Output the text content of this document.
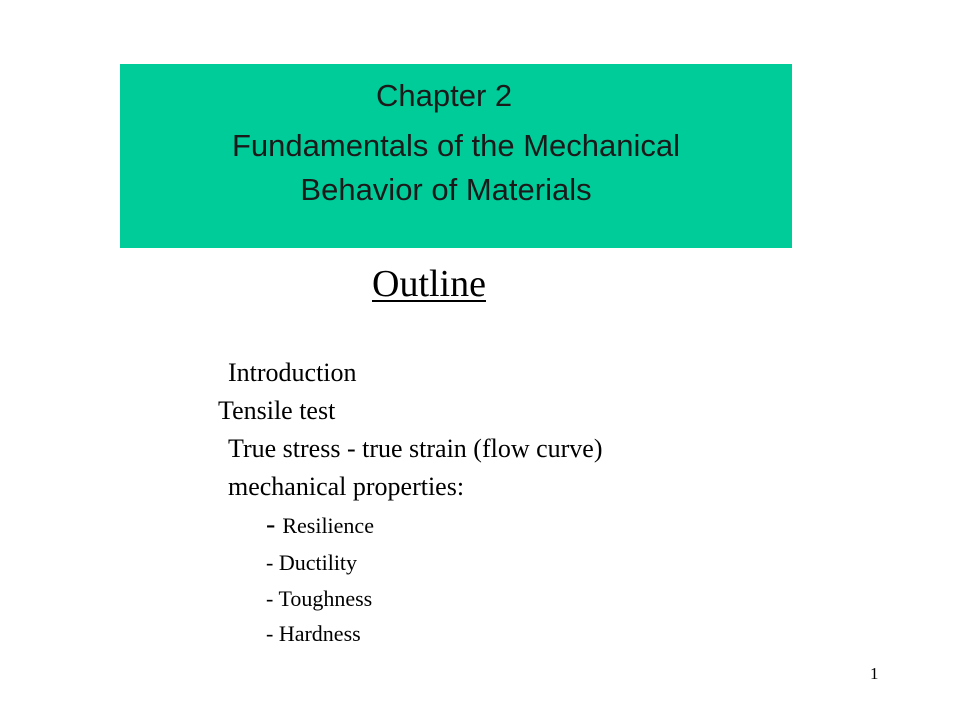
Chapter 2
Fundamentals of the Mechanical
Behavior of Materials
Outline
Introduction
Tensile test
True stress - true strain (flow curve)
mechanical properties:
- Resilience
- Ductility
- Toughness
- Hardness
1
